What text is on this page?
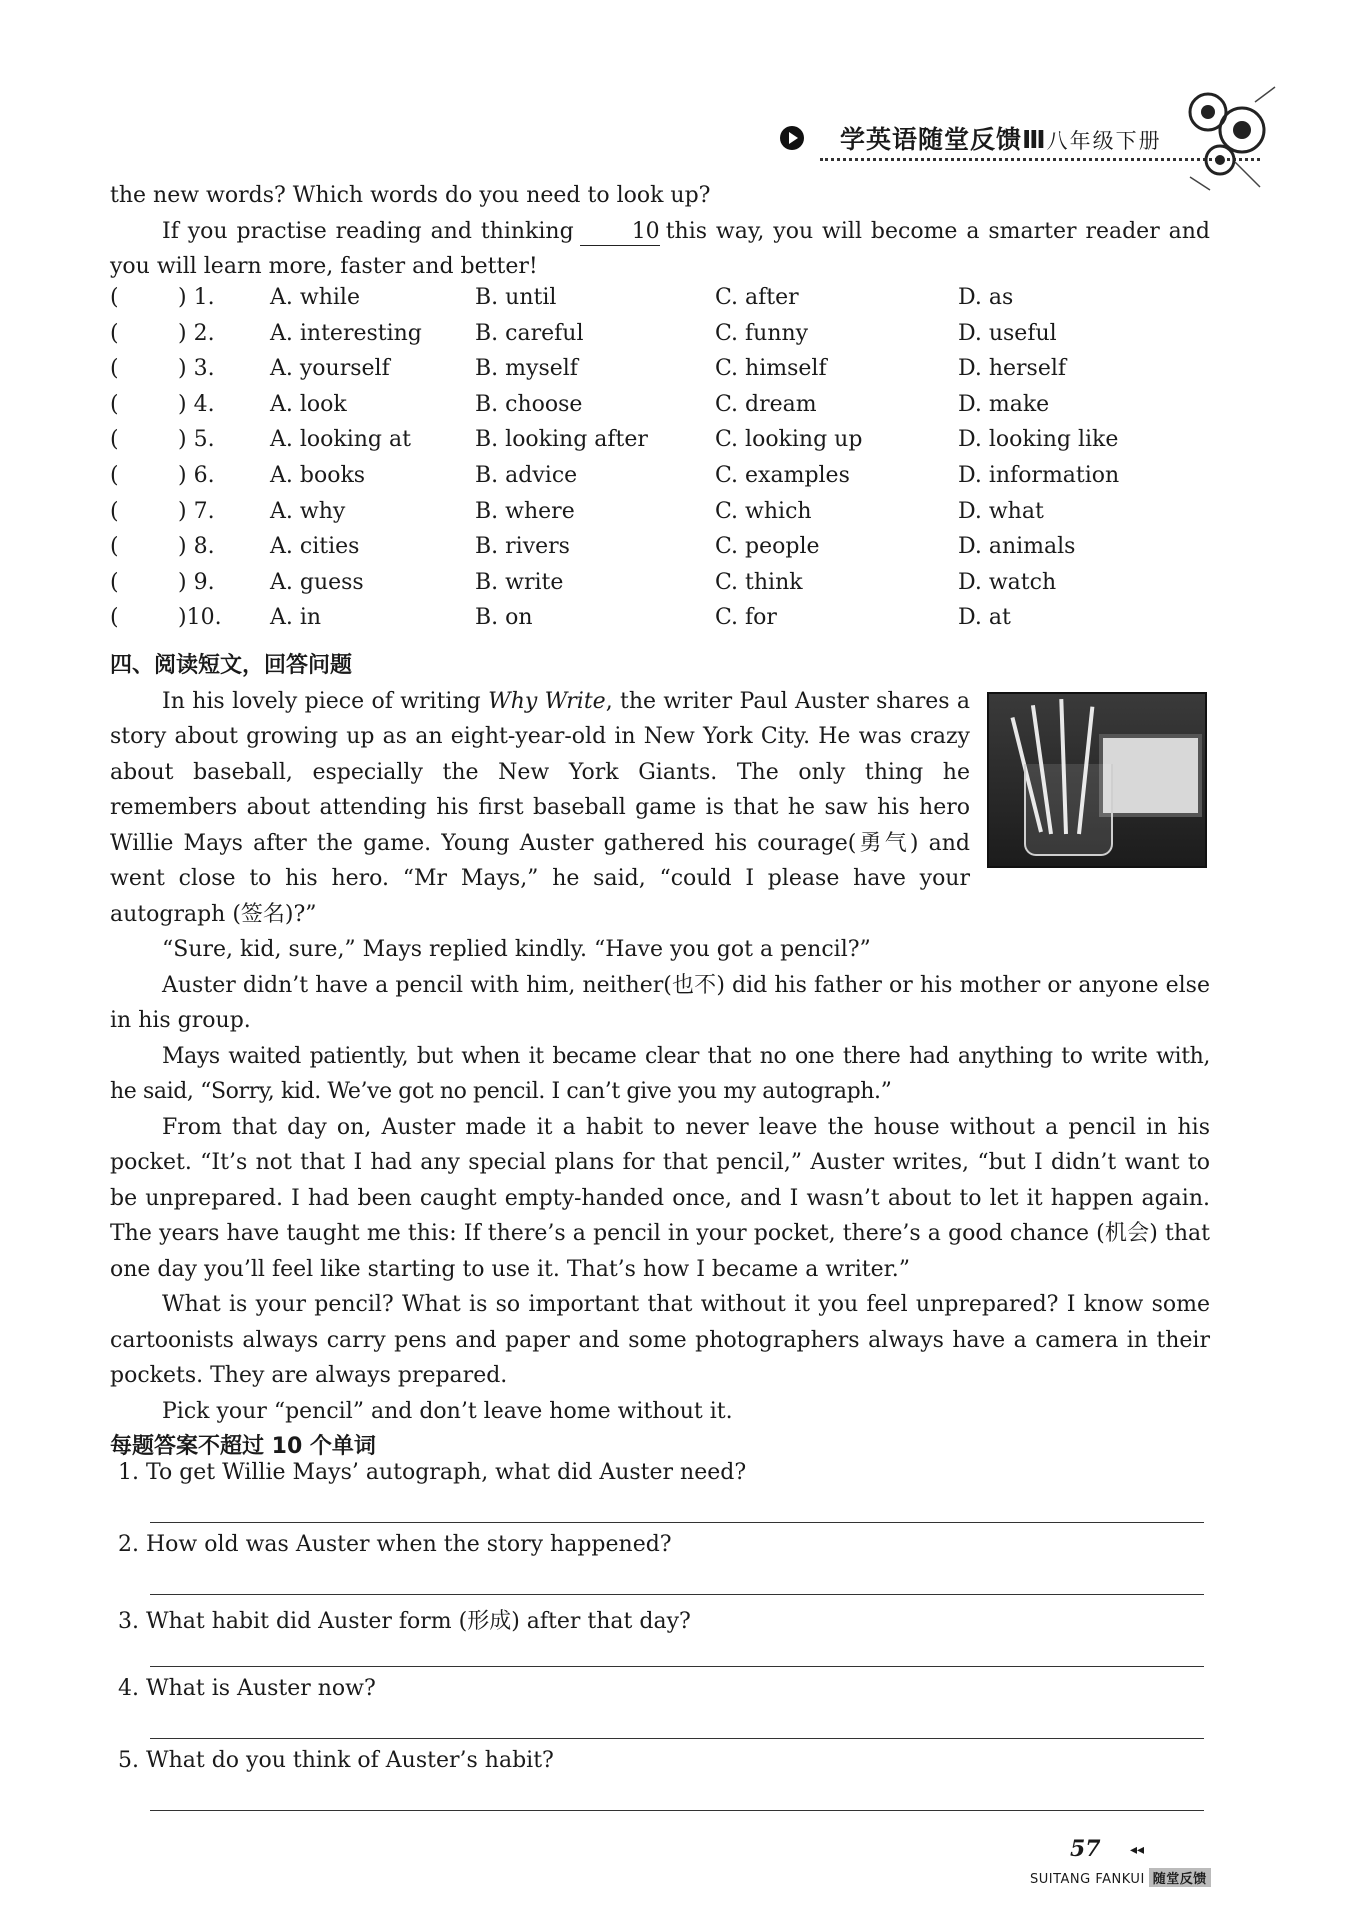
学英语随堂反馈Ⅲ八年级下册

the new words? Which words do you need to look up?

If you practise reading and thinking	10 this way, you will become a smarter reader and you will learn more, faster and better!

(	) 1.	A. while	B. until	C. after	D. as
(	) 2.	A. interesting B. careful	C. funny	D. useful
(	) 3.	A. yourself	B. myself	C. himself	D. herself
(	) 4.	A. look	B. choose	C. dream	D. make
(	) 5.	A. looking at	B. looking after	C. looking up	D. looking like
(	) 6.	A. books	B. advice	C. examples	D. information
(	) 7.	A. why	B. where	C. which	D. what
(	) 8.	A. cities	B. rivers	C. people	D. animals
(	) 9.	A. guess	B. write	C. think	D. watch
(	)10. A. in	B. on	C. for	D. at
四、阅读短文，回答问题

In his lovely piece of writing Why Write, the writer Paul Auster shares a story about growing up as an eight-year-old in New York City. He was crazy about baseball, especially the New York Giants. The only thing he remembers about attending his first baseball game is that he saw his hero Willie Mays after the game. Young Auster gathered his courage(勇气) and went close to his hero. “Mr Mays,” he said, “could I please have your autograph (签名)?”

“Sure, kid, sure,” Mays replied kindly. “Have you got a pencil?”

Auster didn’t have a pencil with him, neither(也不) did his father or his mother or anyone else in his group.

Mays waited patiently, but when it became clear that no one there had anything to write with, he said, “Sorry, kid. We’ve got no pencil. I can’t give you my autograph.”

From that day on, Auster made it a habit to never leave the house without a pencil in his pocket. “It’s not that I had any special plans for that pencil,” Auster writes, “but I didn’t want to be unprepared. I had been caught empty-handed once, and I wasn’t about to let it happen again. The years have taught me this: If there’s a pencil in your pocket, there’s a good chance (机会) that one day you’ll feel like starting to use it. That’s how I became a writer.”

What is your pencil? What is so important that without it you feel unprepared? I know some cartoonists always carry pens and paper and some photographers always have a camera in their pockets. They are always prepared.

Pick your “pencil” and don’t leave home without it.

每题答案不超过 10 个单词
1. To get Willie Mays’ autograph, what did Auster need?
2. How old was Auster when the story happened?
3. What habit did Auster form (形成) after that day?
4. What is Auster now?
5. What do you think of Auster’s habit?
57 ◂◂
SUITANG FANKUI 随堂反馈
